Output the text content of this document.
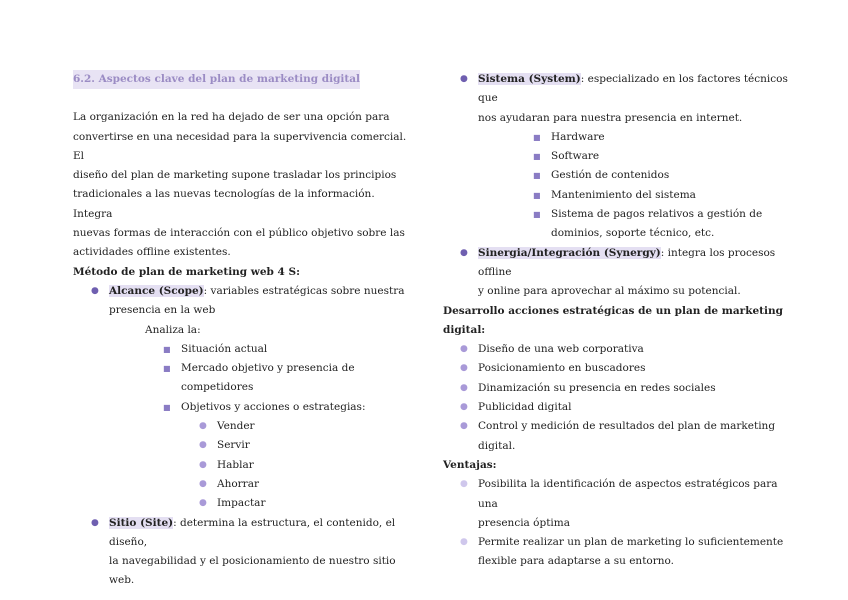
6.2. Aspectos clave del plan de marketing digital
La organización en la red ha dejado de ser una opción para
convertirse en una necesidad para la supervivencia comercial. El
diseño del plan de marketing supone trasladar los principios
tradicionales a las nuevas tecnologías de la información. Integra
nuevas formas de interacción con el público objetivo sobre las
actividades offline existentes.
Método de plan de marketing web 4 S:
● Alcance (Scope): variables estratégicas sobre nuestra
presencia en la web
Analiza la:
■ Situación actual
■ Mercado objetivo y presencia de
competidores
■ Objetivos y acciones o estrategias:
● Vender
● Servir
● Hablar
● Ahorrar
● Impactar
● Sitio (Site): determina la estructura, el contenido, el diseño,
la navegabilidad y el posicionamiento de nuestro sitio web.
● Sistema (System): especializado en los factores técnicos que
nos ayudaran para nuestra presencia en internet.
■ Hardware
■ Software
■ Gestión de contenidos
■ Mantenimiento del sistema
■ Sistema de pagos relativos a gestión de
dominios, soporte técnico, etc.
● Sinergia/Integración (Synergy): integra los procesos offline
y online para aprovechar al máximo su potencial.
Desarrollo acciones estratégicas de un plan de marketing digital:
● Diseño de una web corporativa
● Posicionamiento en buscadores
● Dinamización su presencia en redes sociales
● Publicidad digital
● Control y medición de resultados del plan de marketing
digital.
Ventajas:
● Posibilita la identificación de aspectos estratégicos para una
presencia óptima
● Permite realizar un plan de marketing lo suficientemente
flexible para adaptarse a su entorno.
